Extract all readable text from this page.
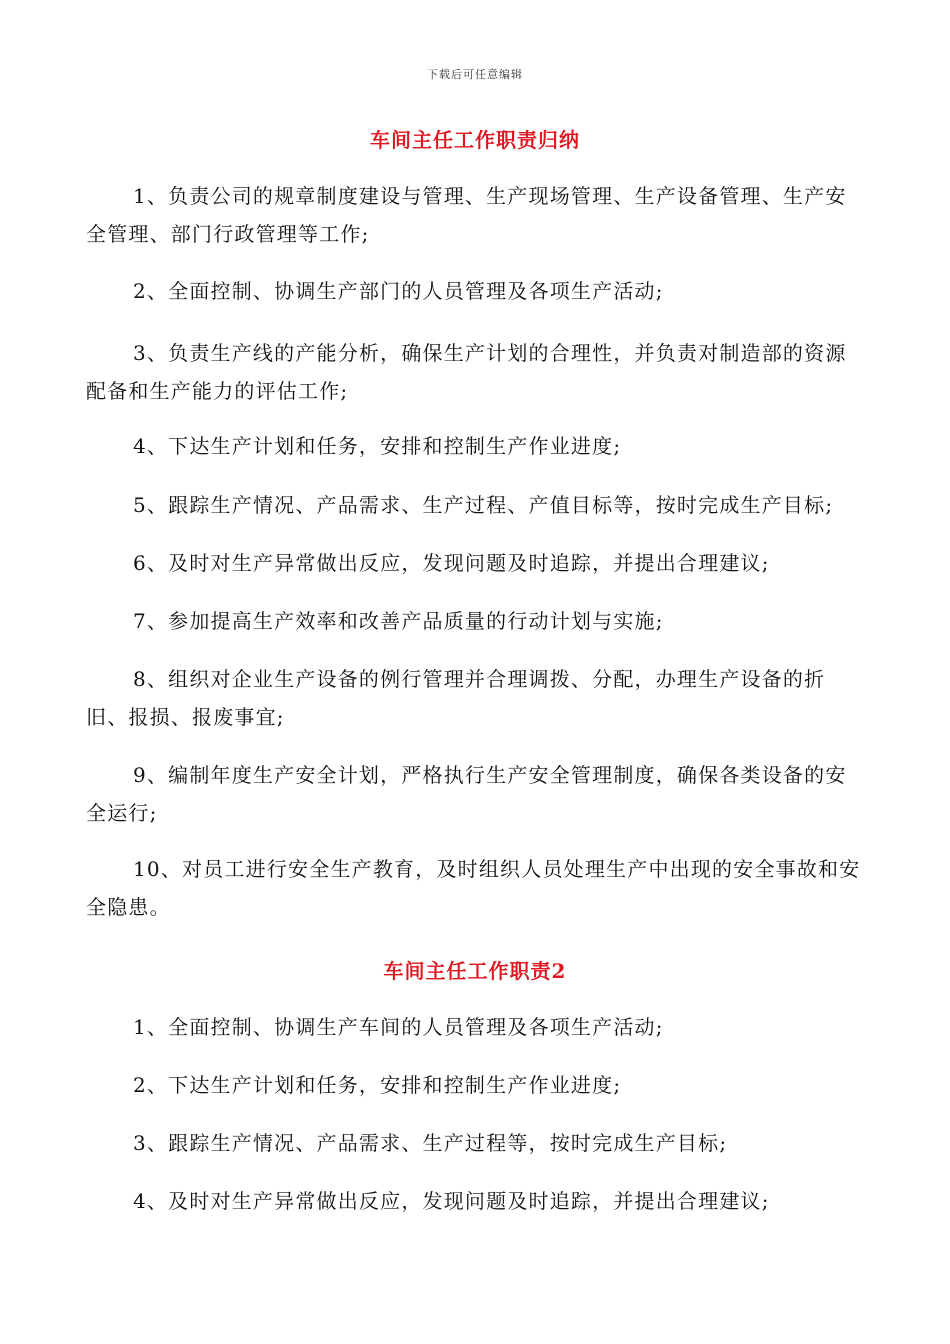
下载后可任意编辑
车间主任工作职责归纳
1、负责公司的规章制度建设与管理、生产现场管理、生产设备管理、生产安全管理、部门行政管理等工作;
2、全面控制、协调生产部门的人员管理及各项生产活动;
3、负责生产线的产能分析，确保生产计划的合理性，并负责对制造部的资源配备和生产能力的评估工作;
4、下达生产计划和任务，安排和控制生产作业进度;
5、跟踪生产情况、产品需求、生产过程、产值目标等，按时完成生产目标;
6、及时对生产异常做出反应，发现问题及时追踪，并提出合理建议;
7、参加提高生产效率和改善产品质量的行动计划与实施;
8、组织对企业生产设备的例行管理并合理调拨、分配，办理生产设备的折旧、报损、报废事宜;
9、编制年度生产安全计划，严格执行生产安全管理制度，确保各类设备的安全运行;
10、对员工进行安全生产教育，及时组织人员处理生产中出现的安全事故和安全隐患。
车间主任工作职责2
1、全面控制、协调生产车间的人员管理及各项生产活动;
2、下达生产计划和任务，安排和控制生产作业进度;
3、跟踪生产情况、产品需求、生产过程等，按时完成生产目标;
4、及时对生产异常做出反应，发现问题及时追踪，并提出合理建议;
